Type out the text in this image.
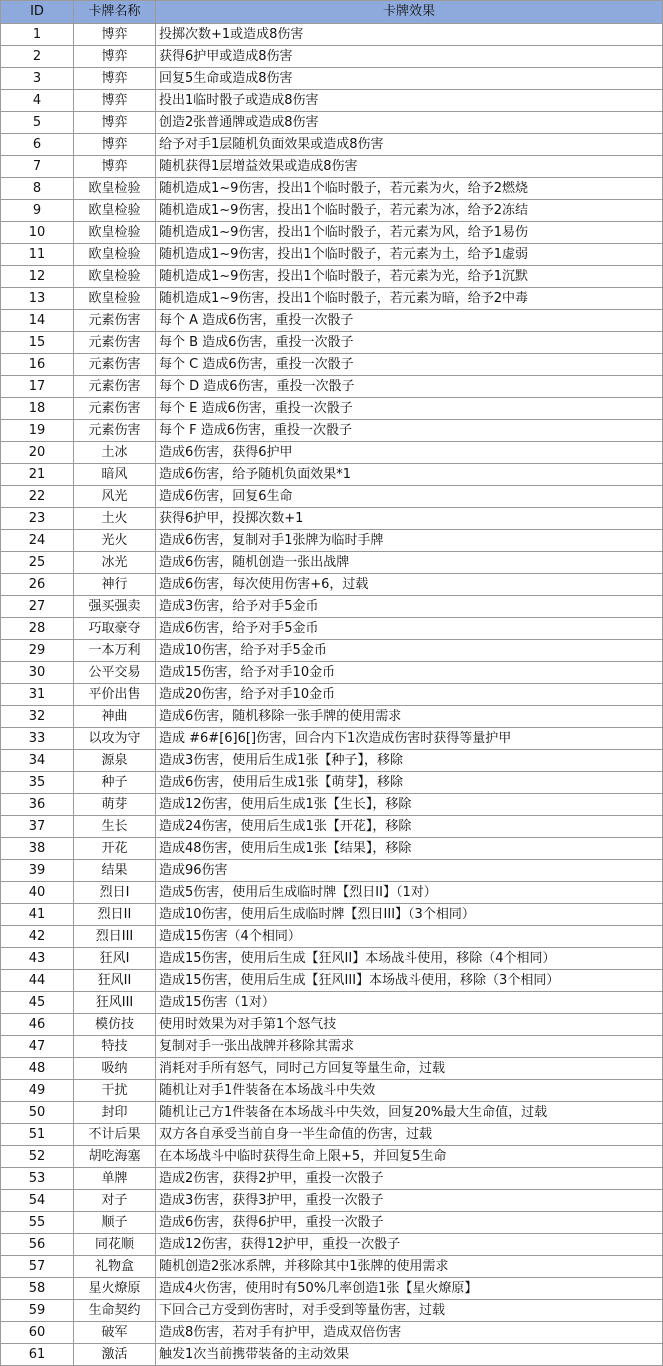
ID	卡牌名称	卡牌效果
1	博弈	投掷次数+1或造成8伤害
2	博弈	获得6护甲或造成8伤害
3	博弈	回复5生命或造成8伤害
4	博弈	投出1临时骰子或造成8伤害
5	博弈	创造2张普通牌或造成8伤害
6	博弈	给予对手1层随机负面效果或造成8伤害
7	博弈	随机获得1层增益效果或造成8伤害
8	欧皇检验	随机造成1~9伤害，投出1个临时骰子，若元素为火，给予2燃烧
9	欧皇检验	随机造成1~9伤害，投出1个临时骰子，若元素为冰，给予2冻结
10	欧皇检验	随机造成1~9伤害，投出1个临时骰子，若元素为风，给予1易伤
11	欧皇检验	随机造成1~9伤害，投出1个临时骰子，若元素为土，给予1虚弱
12	欧皇检验	随机造成1~9伤害，投出1个临时骰子，若元素为光，给予1沉默
13	欧皇检验	随机造成1~9伤害，投出1个临时骰子，若元素为暗，给予2中毒
14	元素伤害	每个 A 造成6伤害，重投一次骰子
15	元素伤害	每个 B 造成6伤害，重投一次骰子
16	元素伤害	每个 C 造成6伤害，重投一次骰子
17	元素伤害	每个 D 造成6伤害，重投一次骰子
18	元素伤害	每个 E 造成6伤害，重投一次骰子
19	元素伤害	每个 F 造成6伤害，重投一次骰子
20	土冰	造成6伤害，获得6护甲
21	暗风	造成6伤害，给予随机负面效果*1
22	风光	造成6伤害，回复6生命
23	土火	获得6护甲，投掷次数+1
24	光火	造成6伤害，复制对手1张牌为临时手牌
25	冰光	造成6伤害，随机创造一张出战牌
26	神行	造成6伤害，每次使用伤害+6，过载
27	强买强卖	造成3伤害，给予对手5金币
28	巧取豪夺	造成6伤害，给予对手5金币
29	一本万利	造成10伤害，给予对手5金币
30	公平交易	造成15伤害，给予对手10金币
31	平价出售	造成20伤害，给予对手10金币
32	神曲	造成6伤害，随机移除一张手牌的使用需求
33	以攻为守	造成 #6#[6]6[]伤害，回合内下1次造成伤害时获得等量护甲
34	源泉	造成3伤害，使用后生成1张【种子】，移除
35	种子	造成6伤害，使用后生成1张【萌芽】，移除
36	萌芽	造成12伤害，使用后生成1张【生长】，移除
37	生长	造成24伤害，使用后生成1张【开花】，移除
38	开花	造成48伤害，使用后生成1张【结果】，移除
39	结果	造成96伤害
40	烈日I	造成5伤害，使用后生成临时牌【烈日II】（1对）
41	烈日II	造成10伤害，使用后生成临时牌【烈日III】（3个相同）
42	烈日III	造成15伤害（4个相同）
43	狂风I	造成15伤害，使用后生成【狂风II】本场战斗使用，移除（4个相同）
44	狂风II	造成15伤害，使用后生成【狂风III】本场战斗使用，移除（3个相同）
45	狂风III	造成15伤害（1对）
46	模仿技	使用时效果为对手第1个怒气技
47	特技	复制对手一张出战牌并移除其需求
48	吸纳	消耗对手所有怒气，同时己方回复等量生命，过载
49	干扰	随机让对手1件装备在本场战斗中失效
50	封印	随机让己方1件装备在本场战斗中失效，回复20%最大生命值，过载
51	不计后果	双方各自承受当前自身一半生命值的伤害，过载
52	胡吃海塞	在本场战斗中临时获得生命上限+5，并回复5生命
53	单牌	造成2伤害，获得2护甲，重投一次骰子
54	对子	造成3伤害，获得3护甲，重投一次骰子
55	顺子	造成6伤害，获得6护甲，重投一次骰子
56	同花顺	造成12伤害，获得12护甲，重投一次骰子
57	礼物盒	随机创造2张冰系牌，并移除其中1张牌的使用需求
58	星火燎原	造成4火伤害，使用时有50%几率创造1张【星火燎原】
59	生命契约	下回合己方受到伤害时，对手受到等量伤害，过载
60	破军	造成8伤害，若对手有护甲，造成双倍伤害
61	激活	触发1次当前携带装备的主动效果
